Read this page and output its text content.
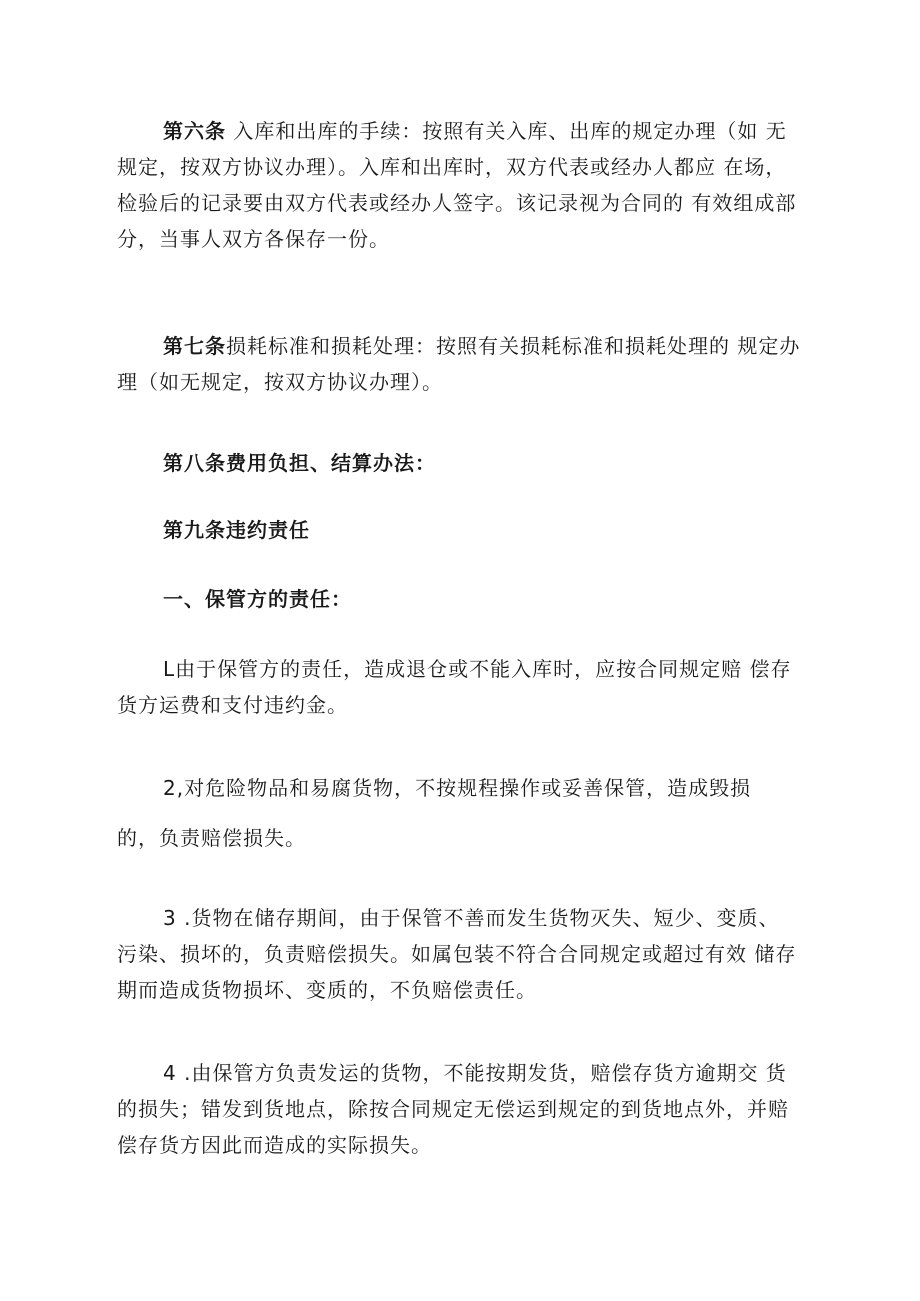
第六条 入库和出库的手续：按照有关入库、出库的规定办理（如 无
规定，按双方协议办理）。入库和出库时，双方代表或经办人都应 在场，
检验后的记录要由双方代表或经办人签字。该记录视为合同的 有效组成部
分，当事人双方各保存一份。
第七条损耗标准和损耗处理：按照有关损耗标准和损耗处理的 规定办
理（如无规定，按双方协议办理）。
第八条费用负担、结算办法：
第九条违约责任
一、保管方的责任：
L由于保管方的责任，造成退仓或不能入库时，应按合同规定赔 偿存
货方运费和支付违约金。
2,对危险物品和易腐货物，不按规程操作或妥善保管，造成毁损
的，负责赔偿损失。
3 .货物在储存期间，由于保管不善而发生货物灭失、短少、变质、
污染、损坏的，负责赔偿损失。如属包装不符合合同规定或超过有效 储存
期而造成货物损坏、变质的，不负赔偿责任。
4 .由保管方负责发运的货物，不能按期发货，赔偿存货方逾期交 货
的损失；错发到货地点，除按合同规定无偿运到规定的到货地点外，并赔
偿存货方因此而造成的实际损失。
